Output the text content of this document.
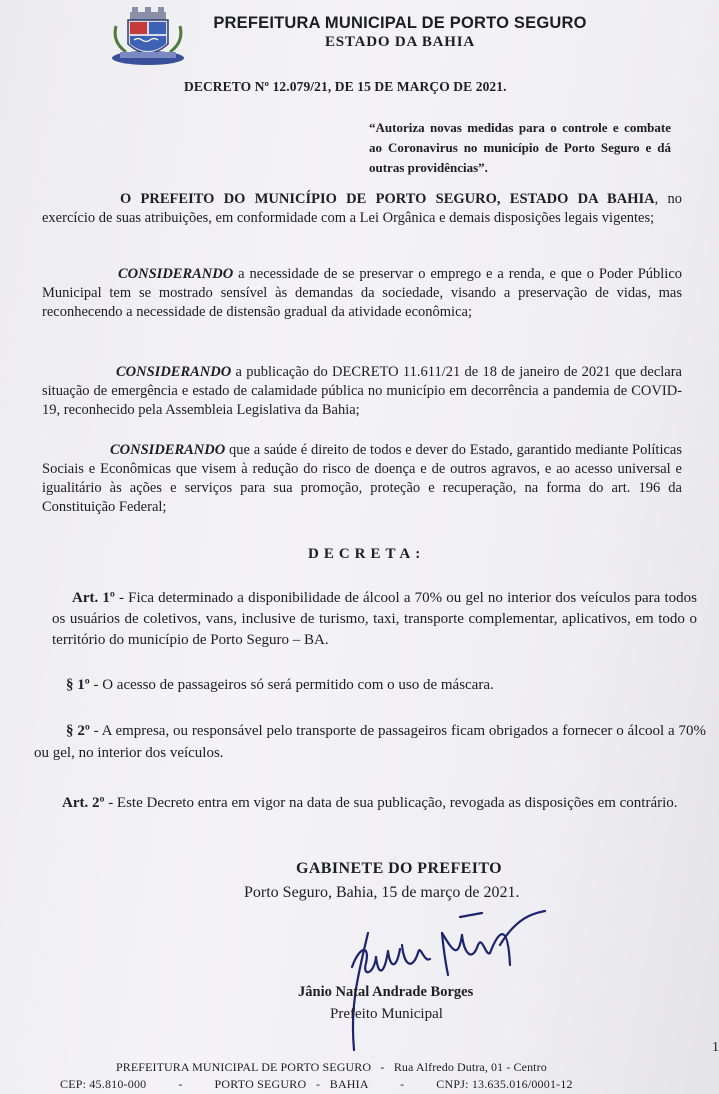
PREFEITURA MUNICIPAL DE PORTO SEGURO
ESTADO DA BAHIA
DECRETO Nº 12.079/21, DE 15 DE MARÇO DE 2021.
“Autoriza novas medidas para o controle e combate ao Coronavirus no município de Porto Seguro e dá outras providências”.

O PREFEITO DO MUNICÍPIO DE PORTO SEGURO, ESTADO DA BAHIA, no exercício de suas atribuições, em conformidade com a Lei Orgânica e demais disposições legais vigentes;

CONSIDERANDO a necessidade de se preservar o emprego e a renda, e que o Poder Público Municipal tem se mostrado sensível às demandas da sociedade, visando a preservação de vidas, mas reconhecendo a necessidade de distensão gradual da atividade econômica;

CONSIDERANDO a publicação do DECRETO 11.611/21 de 18 de janeiro de 2021 que declara situação de emergência e estado de calamidade pública no município em decorrência a pandemia de COVID-19, reconhecido pela Assembleia Legislativa da Bahia;

CONSIDERANDO que a saúde é direito de todos e dever do Estado, garantido mediante Políticas Sociais e Econômicas que visem à redução do risco de doença e de outros agravos, e ao acesso universal e igualitário às ações e serviços para sua promoção, proteção e recuperação, na forma do art. 196 da Constituição Federal;

DECRETA:

Art. 1º - Fica determinado a disponibilidade de álcool a 70% ou gel no interior dos veículos para todos os usuários de coletivos, vans, inclusive de turismo, taxi, transporte complementar, aplicativos, em todo o território do município de Porto Seguro – BA.

§ 1º - O acesso de passageiros só será permitido com o uso de máscara.

§ 2º - A empresa, ou responsável pelo transporte de passageiros ficam obrigados a fornecer o álcool a 70% ou gel, no interior dos veículos.

Art. 2º - Este Decreto entra em vigor na data de sua publicação, revogada as disposições em contrário.

GABINETE DO PREFEITO
Porto Seguro, Bahia, 15 de março de 2021.
Jânio Natal Andrade Borges
Prefeito Municipal
1
PREFEITURA MUNICIPAL DE PORTO SEGURO   -   Rua Alfredo Dutra, 01 - Centro
CEP: 45.810-000          -          PORTO SEGURO   -   BAHIA          -          CNPJ: 13.635.016/0001-12
